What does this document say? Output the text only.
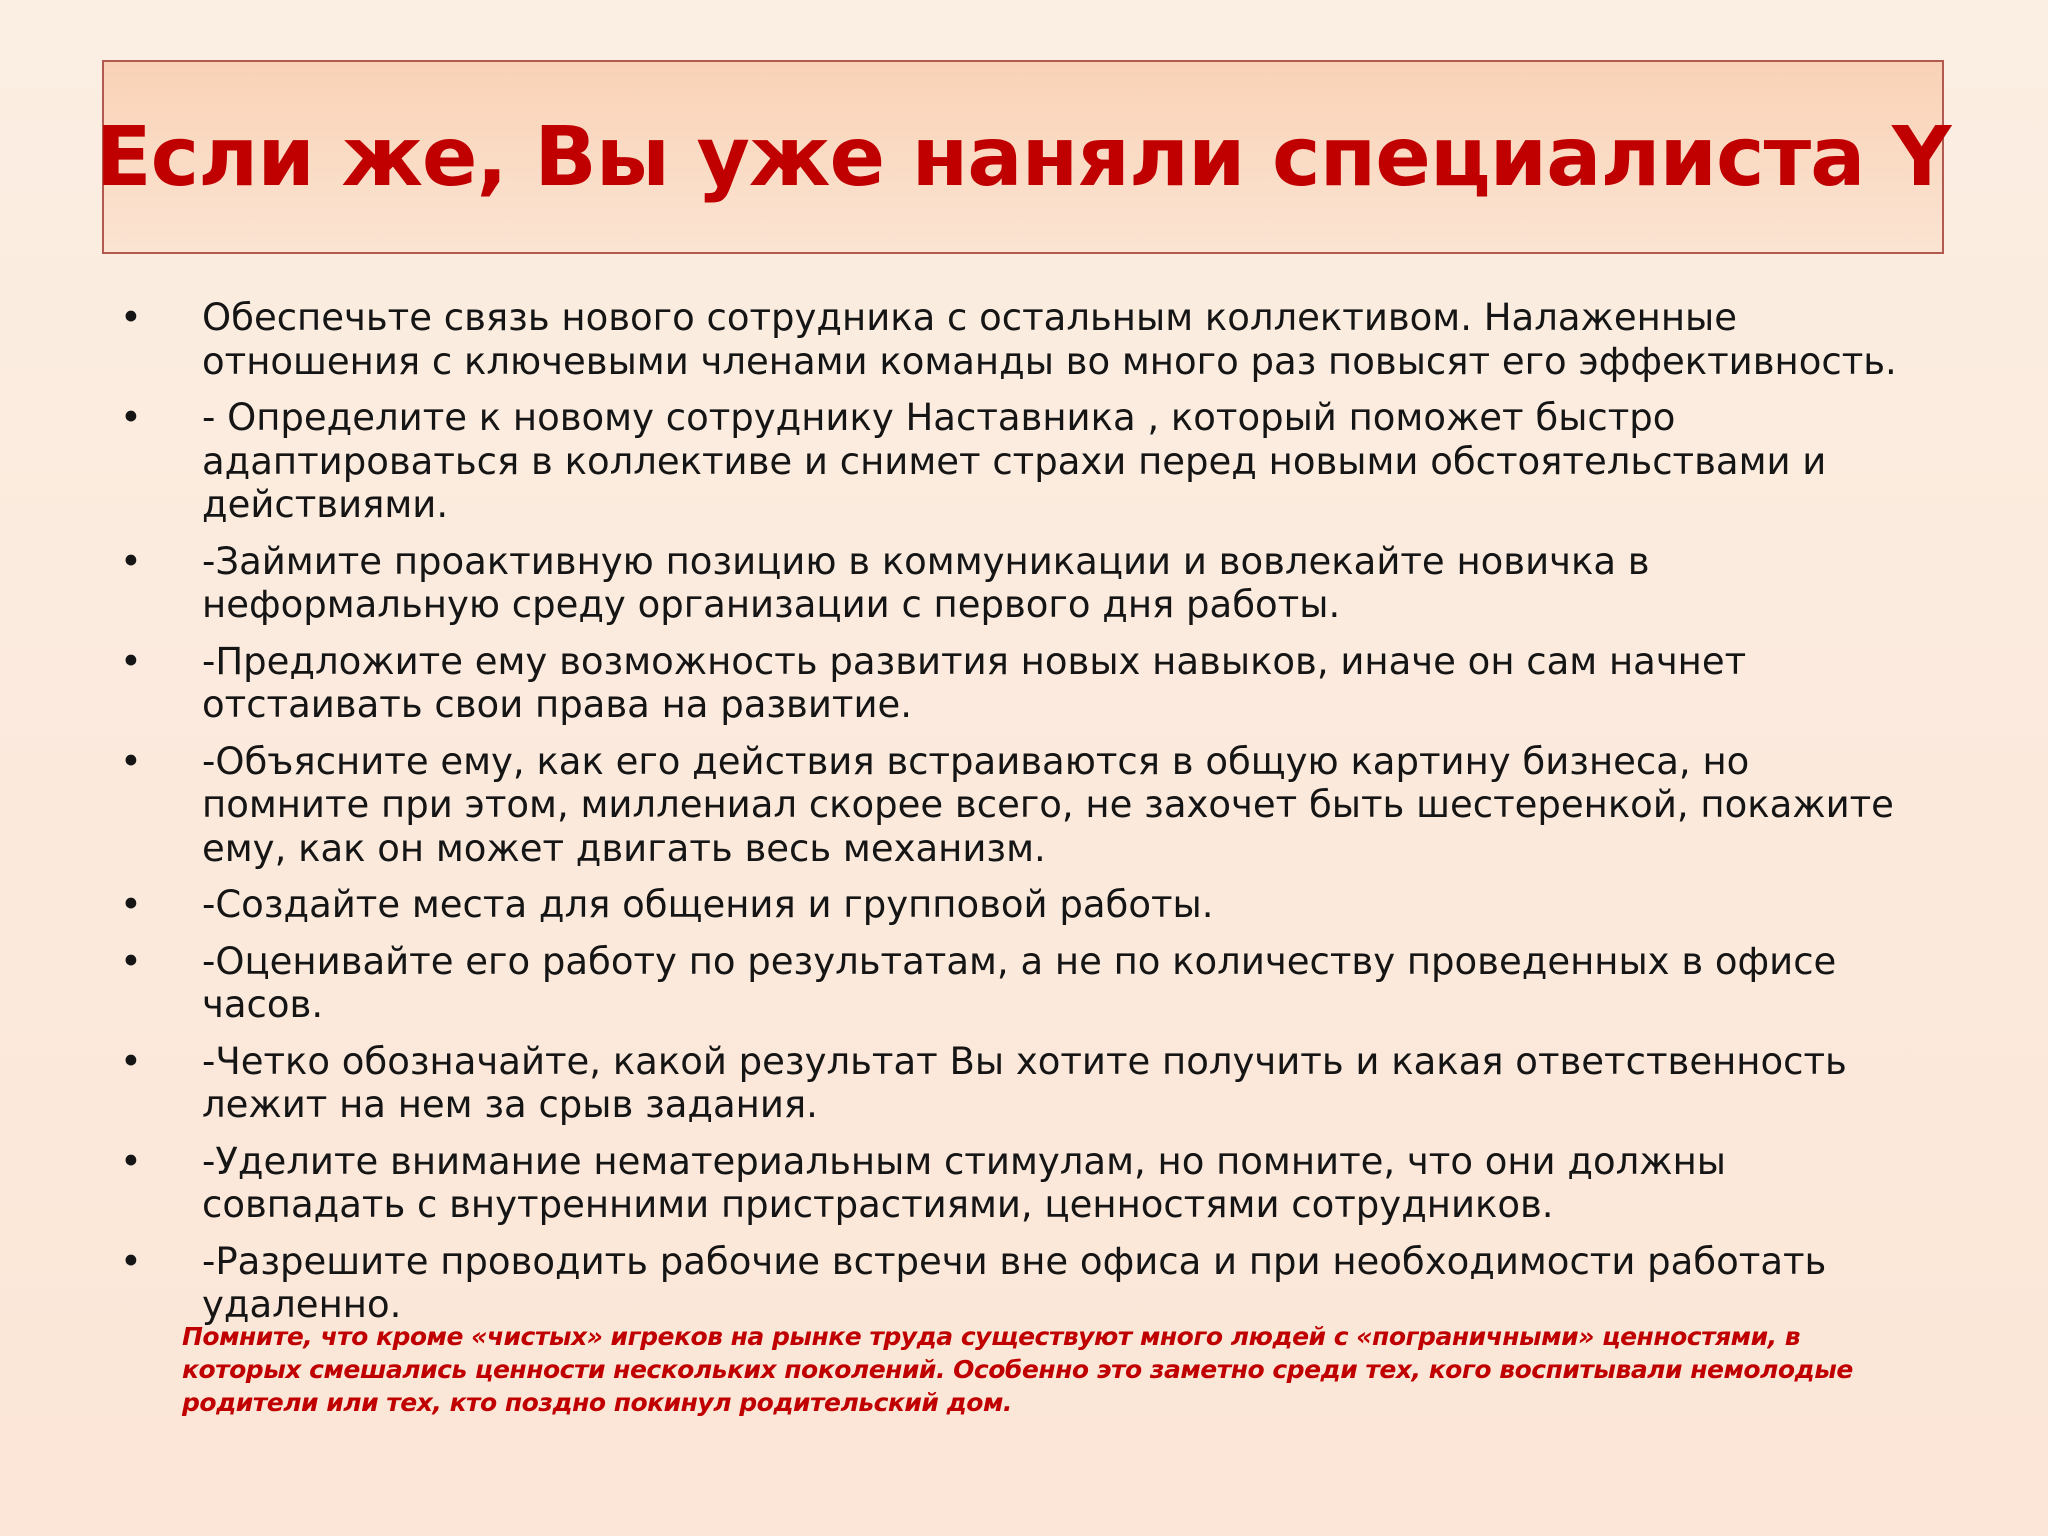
Если же, Вы уже наняли специалиста Y
• Обеспечьте связь нового сотрудника с остальным коллективом. Налаженные отношения с ключевыми членами команды во много раз повысят его эффективность.
• - Определите к новому сотруднику Наставника , который поможет быстро адаптироваться в коллективе и снимет страхи перед новыми обстоятельствами и действиями.
• -Займите проактивную позицию в коммуникации и вовлекайте новичка в неформальную среду организации с первого дня работы.
• -Предложите ему возможность развития новых навыков, иначе он сам начнет отстаивать свои права на развитие.
• -Объясните ему, как его действия встраиваются в общую картину бизнеса, но помните при этом, миллениал скорее всего, не захочет быть шестеренкой, покажите ему, как он может двигать весь механизм.
• -Создайте места для общения и групповой работы.
• -Оценивайте его работу по результатам, а не по количеству проведенных в офисе часов.
• -Четко обозначайте, какой результат Вы хотите получить и какая ответственность лежит на нем за срыв задания.
• -Уделите внимание нематериальным стимулам, но помните, что они должны совпадать с внутренними пристрастиями, ценностями сотрудников.
• -Разрешите проводить рабочие встречи вне офиса и при необходимости работать удаленно.
Помните, что кроме «чистых» игреков на рынке труда существуют много людей с «пограничными» ценностями, в которых смешались ценности нескольких поколений. Особенно это заметно среди тех, кого воспитывали немолодые родители или тех, кто поздно покинул родительский дом.
